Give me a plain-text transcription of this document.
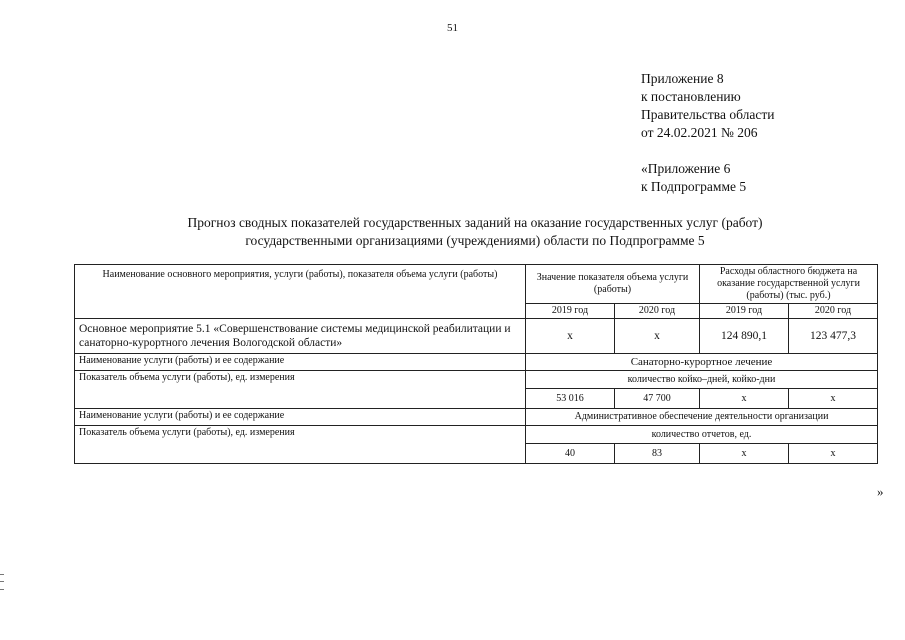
51
Приложение 8
к постановлению
Правительства области
от 24.02.2021 № 206
«Приложение 6
к Подпрограмме 5
Прогноз сводных показателей государственных заданий на оказание государственных услуг (работ)
государственными организациями (учреждениями) области по Подпрограмме 5
Наименование основного мероприятия, услуги (работы), показателя объема услуги (работы)	Значение показателя объема услуги (работы)		Расходы областного бюджета на оказание государственной услуги (работы) (тыс. руб.)	
	2019 год	2020 год	2019 год	2020 год
Основное мероприятие 5.1 «Совершенствование системы медицинской реабилитации и санаторно-курортного лечения Вологодской области»	х	х	124 890,1	123 477,3
Наименование услуги (работы) и ее содержание	Санаторно-курортное лечение			
Показатель объема услуги (работы), ед. измерения	количество койко–дней, койко-дни			
	53 016	47 700	х	х
Наименование услуги (работы) и ее содержание	Административное обеспечение деятельности организации			
Показатель объема услуги (работы), ед. измерения	количество отчетов, ед.			
	40	83	х	х
»
